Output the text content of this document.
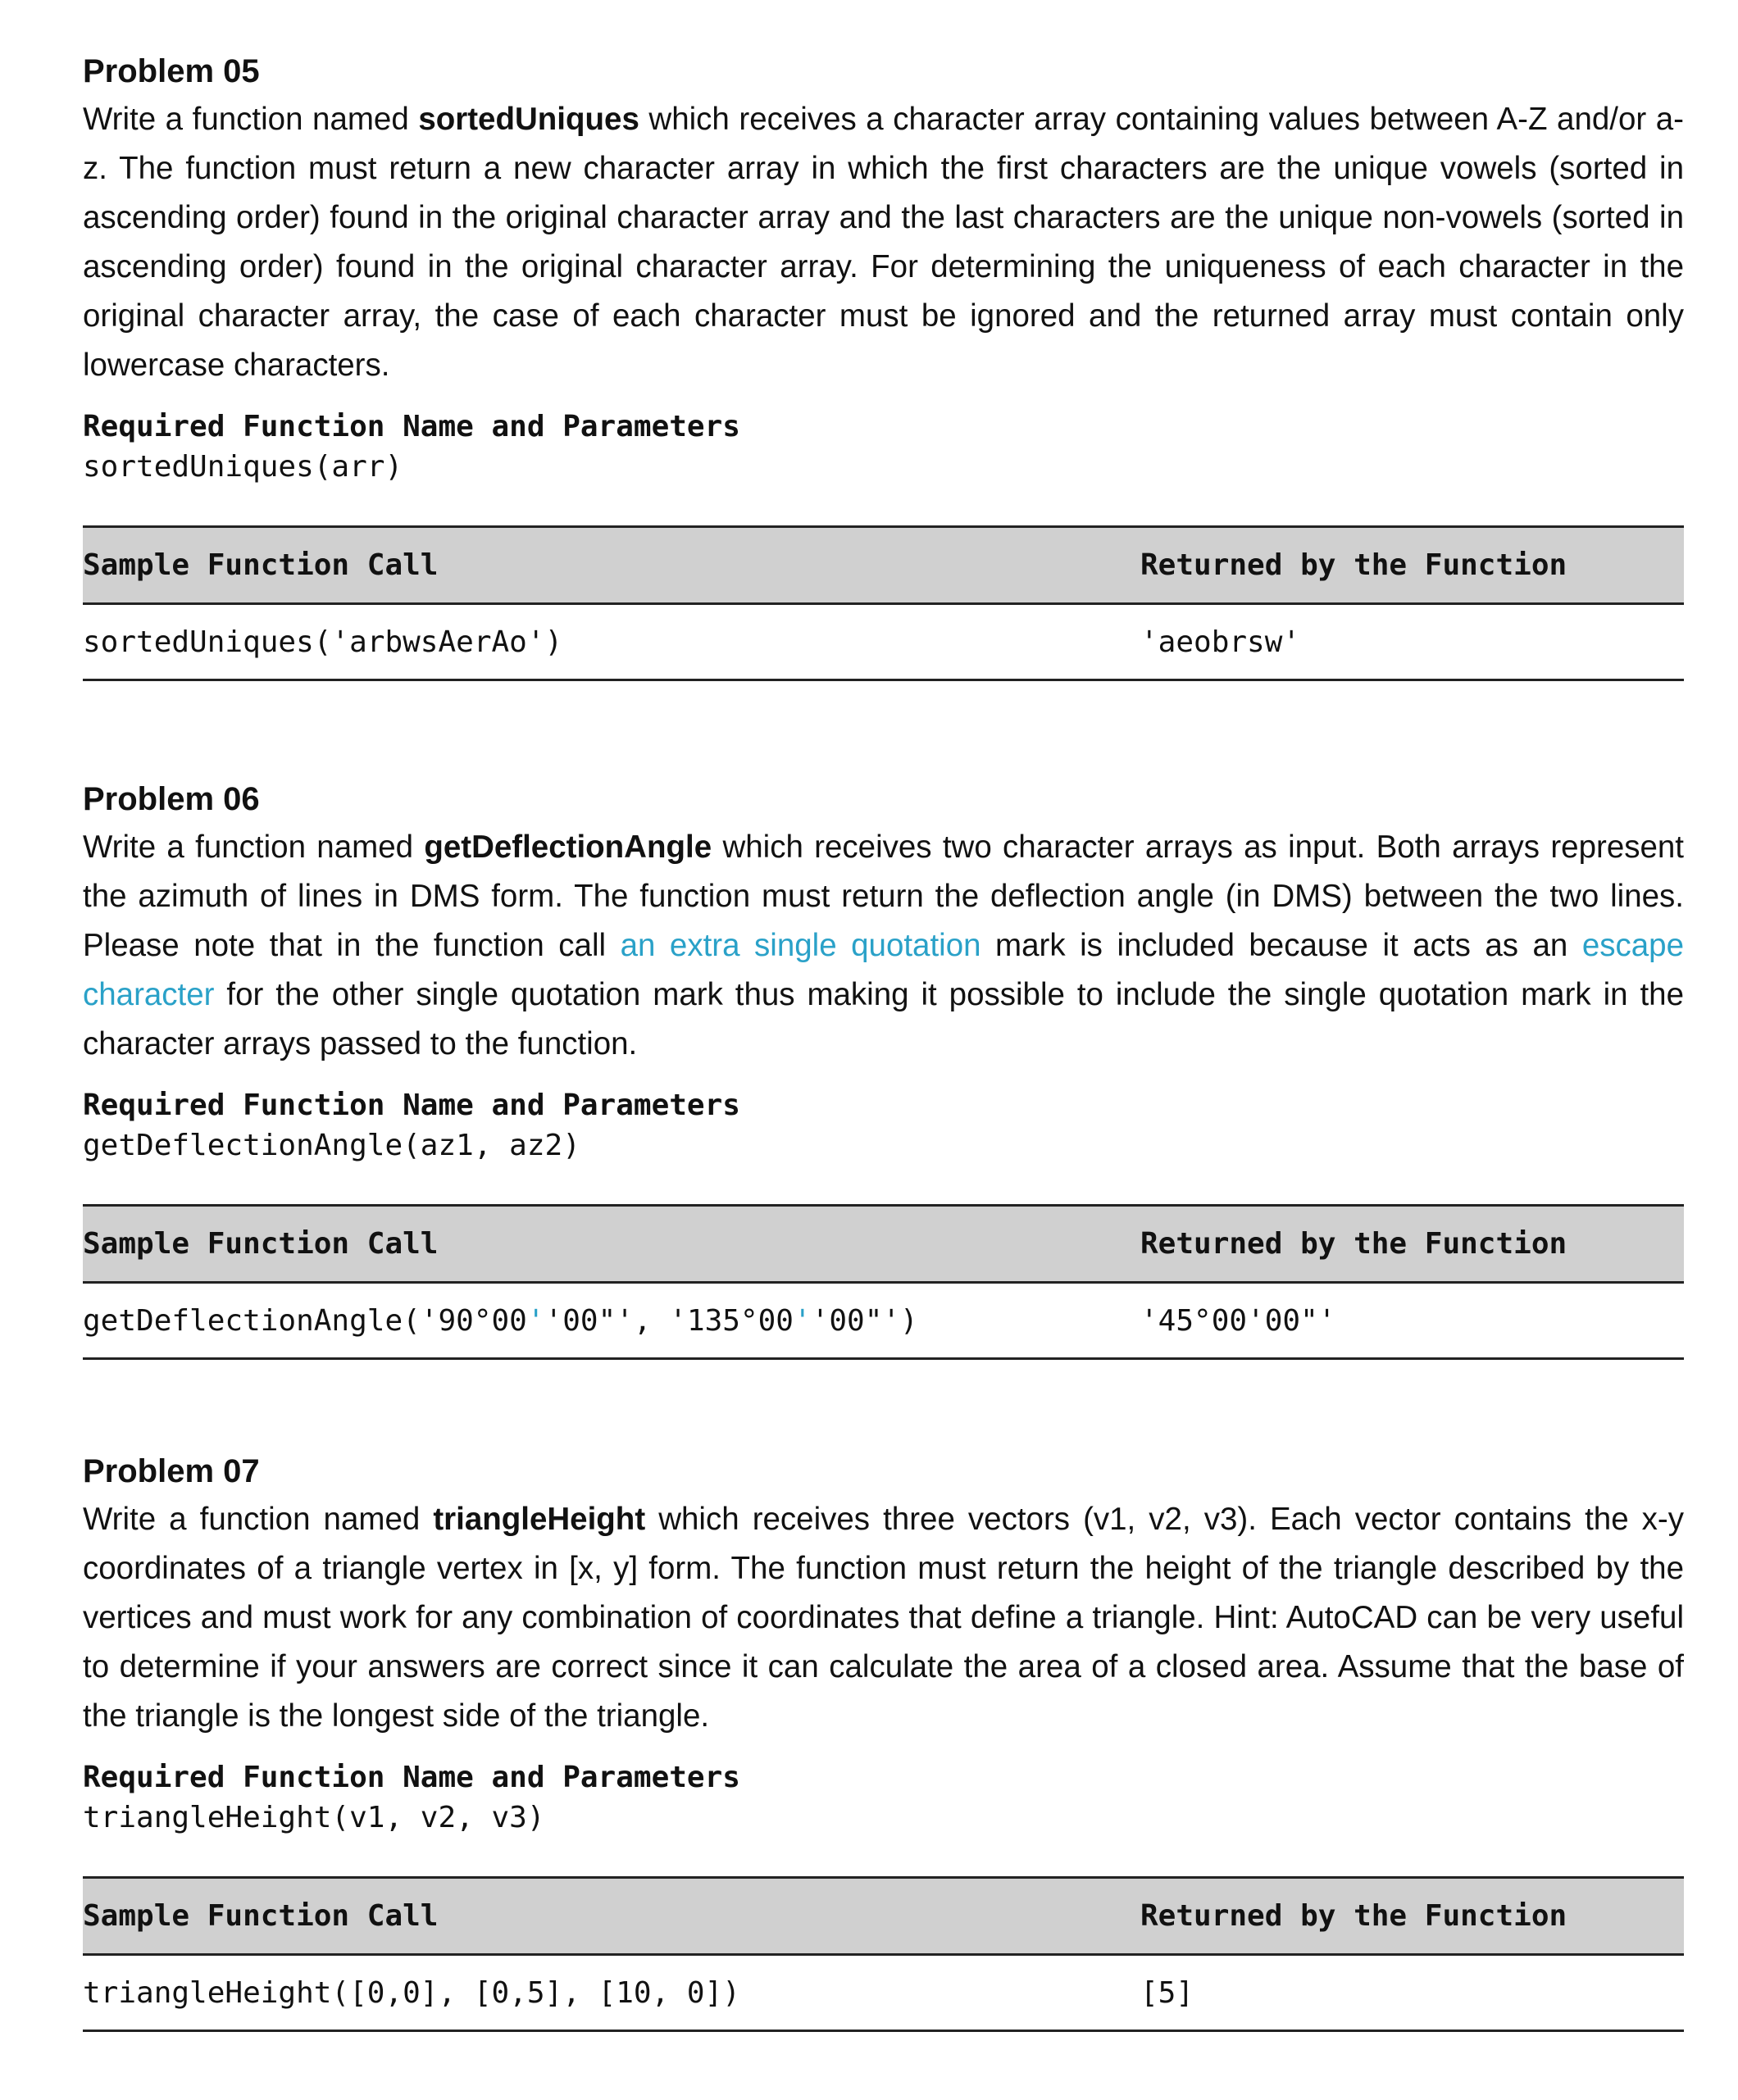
Problem 05

Write a function named sortedUniques which receives a character array containing values between A-Z and/or a-z. The function must return a new character array in which the first characters are the unique vowels (sorted in ascending order) found in the original character array and the last characters are the unique non-vowels (sorted in ascending order) found in the original character array. For determining the uniqueness of each character in the original character array, the case of each character must be ignored and the returned array must contain only lowercase characters.

Required Function Name and Parameters
sortedUniques(arr)
Sample Function Call	Returned by the Function
sortedUniques('arbwsAerAo')	'aeobrsw'
Problem 06

Write a function named getDeflectionAngle which receives two character arrays as input. Both arrays represent the azimuth of lines in DMS form. The function must return the deflection angle (in DMS) between the two lines. Please note that in the function call an extra single quotation mark is included because it acts as an escape character for the other single quotation mark thus making it possible to include the single quotation mark in the character arrays passed to the function.

Required Function Name and Parameters
getDeflectionAngle(az1, az2)
Sample Function Call	Returned by the Function
getDeflectionAngle('90°00''00"', '135°00''00"')	'45°00'00"'
Problem 07

Write a function named triangleHeight which receives three vectors (v1, v2, v3). Each vector contains the x-y coordinates of a triangle vertex in [x, y] form. The function must return the height of the triangle described by the vertices and must work for any combination of coordinates that define a triangle. Hint: AutoCAD can be very useful to determine if your answers are correct since it can calculate the area of a closed area. Assume that the base of the triangle is the longest side of the triangle.

Required Function Name and Parameters
triangleHeight(v1, v2, v3)
Sample Function Call	Returned by the Function
triangleHeight([0,0], [0,5], [10, 0])	[5]
